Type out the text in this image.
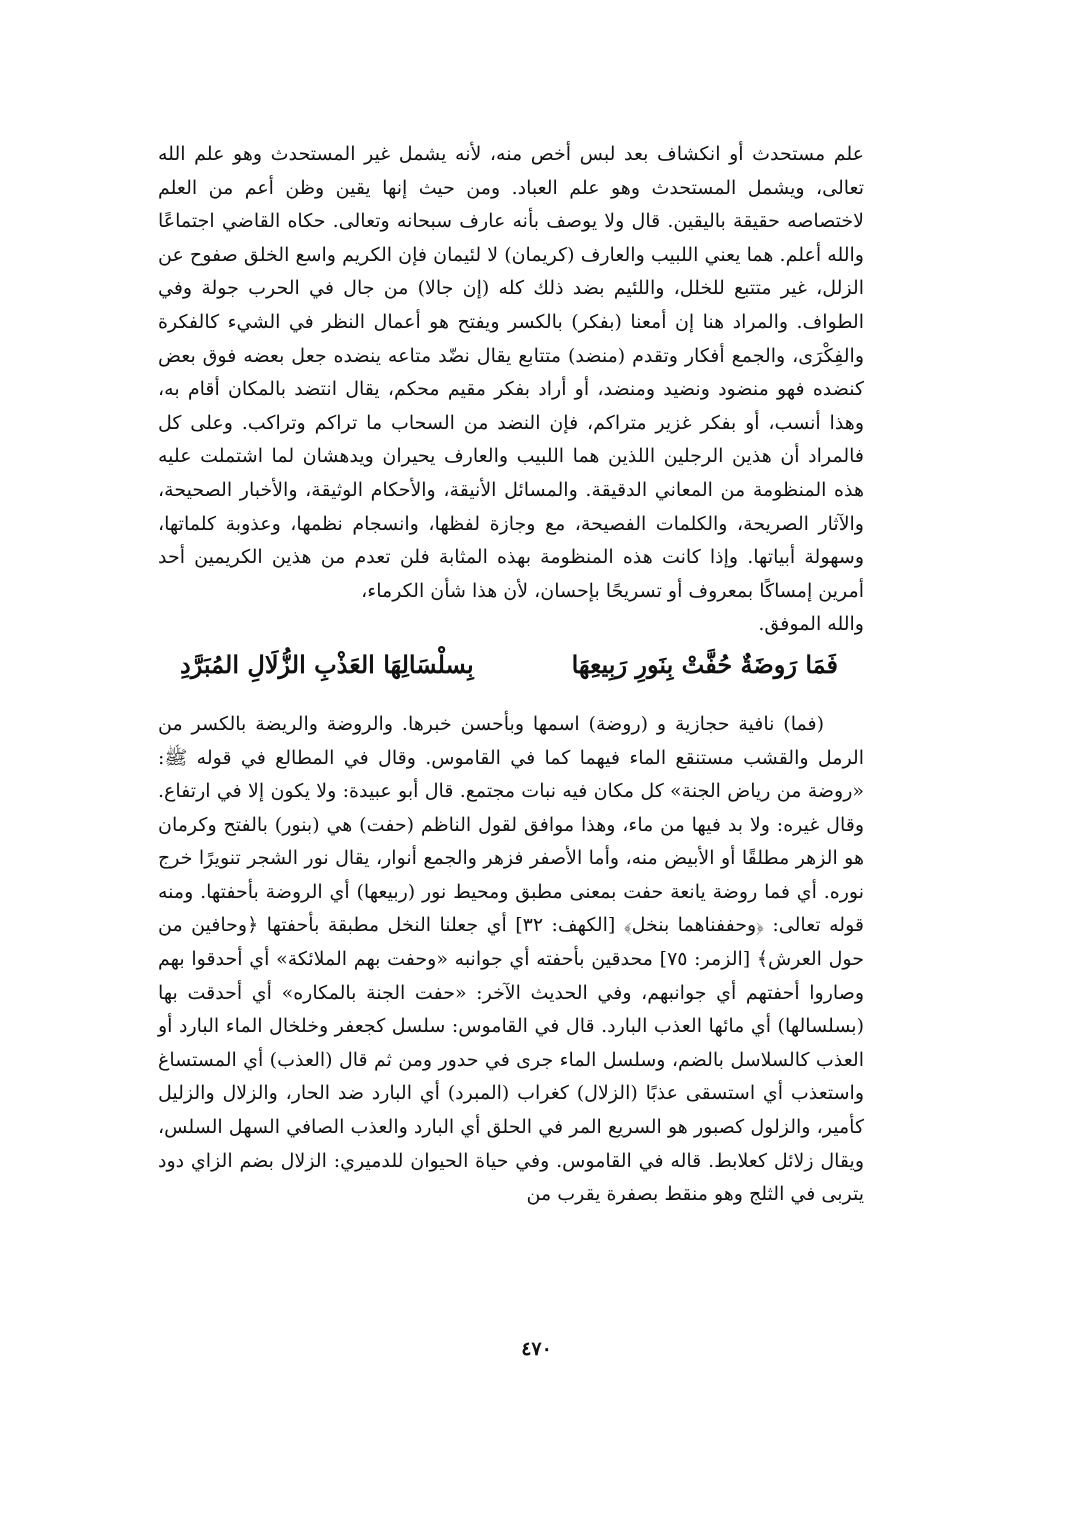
علم مستحدث أو انكشاف بعد لبس أخص منه، لأنه يشمل غير المستحدث وهو علم الله تعالى، ويشمل المستحدث وهو علم العباد. ومن حيث إنها يقين وظن أعم من العلم لاختصاصه حقيقة باليقين. قال ولا يوصف بأنه عارف سبحانه وتعالى. حكاه القاضي اجتماعًا والله أعلم. هما يعني اللبيب والعارف (كريمان) لا لئيمان فإن الكريم واسع الخلق صفوح عن الزلل، غير متتبع للخلل، واللئيم بضد ذلك كله (إن جالا) من جال في الحرب جولة وفي الطواف. والمراد هنا إن أمعنا (بفكر) بالكسر ويفتح هو أعمال النظر في الشيء كالفكرة والفِكْرَى، والجمع أفكار وتقدم (منضد) متتابع يقال نضّد متاعه ينضده جعل بعضه فوق بعض كنضده فهو منضود ونضيد ومنضد، أو أراد بفكر مقيم محكم، يقال انتضد بالمكان أقام به، وهذا أنسب، أو بفكر غزير متراكم، فإن النضد من السحاب ما تراكم وتراكب. وعلى كل فالمراد أن هذين الرجلين اللذين هما اللبيب والعارف يحيران ويدهشان لما اشتملت عليه هذه المنظومة من المعاني الدقيقة. والمسائل الأنيقة، والأحكام الوثيقة، والأخبار الصحيحة، والآثار الصريحة، والكلمات الفصيحة، مع وجازة لفظها، وانسجام نظمها، وعذوبة كلماتها، وسهولة أبياتها. وإذا كانت هذه المنظومة بهذه المثابة فلن تعدم من هذين الكريمين أحد أمرين إمساكًا بمعروف أو تسريحًا بإحسان، لأن هذا شأن الكرماء،
والله الموفق.

فَمَا رَوضَةٌ حُفَّتْ بِنَورِ رَبِيعِهَا
بِسلْسَالِهَا العَذْبِ الزُّلَالِ المُبَرَّدِ

(فما) نافية حجازية و (روضة) اسمها وبأحسن خبرها. والروضة والريضة بالكسر من الرمل والقشب مستنقع الماء فيهما كما في القاموس. وقال في المطالع في قوله ﷺ: «روضة من رياض الجنة» كل مكان فيه نبات مجتمع. قال أبو عبيدة: ولا يكون إلا في ارتفاع. وقال غيره: ولا بد فيها من ماء، وهذا موافق لقول الناظم (حفت) هي (بنور) بالفتح وكرمان هو الزهر مطلقًا أو الأبيض منه، وأما الأصفر فزهر والجمع أنوار، يقال نور الشجر تنويرًا خرج نوره. أي فما روضة يانعة حفت بمعنى مطبق ومحيط نور (ربيعها) أي الروضة بأحفتها. ومنه قوله تعالى: ﴿وحففناهما بنخل﴾ [الكهف: ٣٢] أي جعلنا النخل مطبقة بأحفتها ﴿وحافين من حول العرش﴾ [الزمر: ٧٥] محدقين بأحفته أي جوانبه «وحفت بهم الملائكة» أي أحدقوا بهم وصاروا أحفتهم أي جوانبهم، وفي الحديث الآخر: «حفت الجنة بالمكاره» أي أحدقت بها (بسلسالها) أي مائها العذب البارد. قال في القاموس: سلسل كجعفر وخلخال الماء البارد أو العذب كالسلاسل بالضم، وسلسل الماء جرى في حدور ومن ثم قال (العذب) أي المستساغ واستعذب أي استسقى عذبًا (الزلال) كغراب (المبرد) أي البارد ضد الحار، والزلال والزليل كأمير، والزلول كصبور هو السريع المر في الحلق أي البارد والعذب الصافي السهل السلس، ويقال زلائل كعلابط. قاله في القاموس. وفي حياة الحيوان للدميري: الزلال بضم الزاي دود يتربى في الثلج وهو منقط بصفرة يقرب من

٤٧٠
